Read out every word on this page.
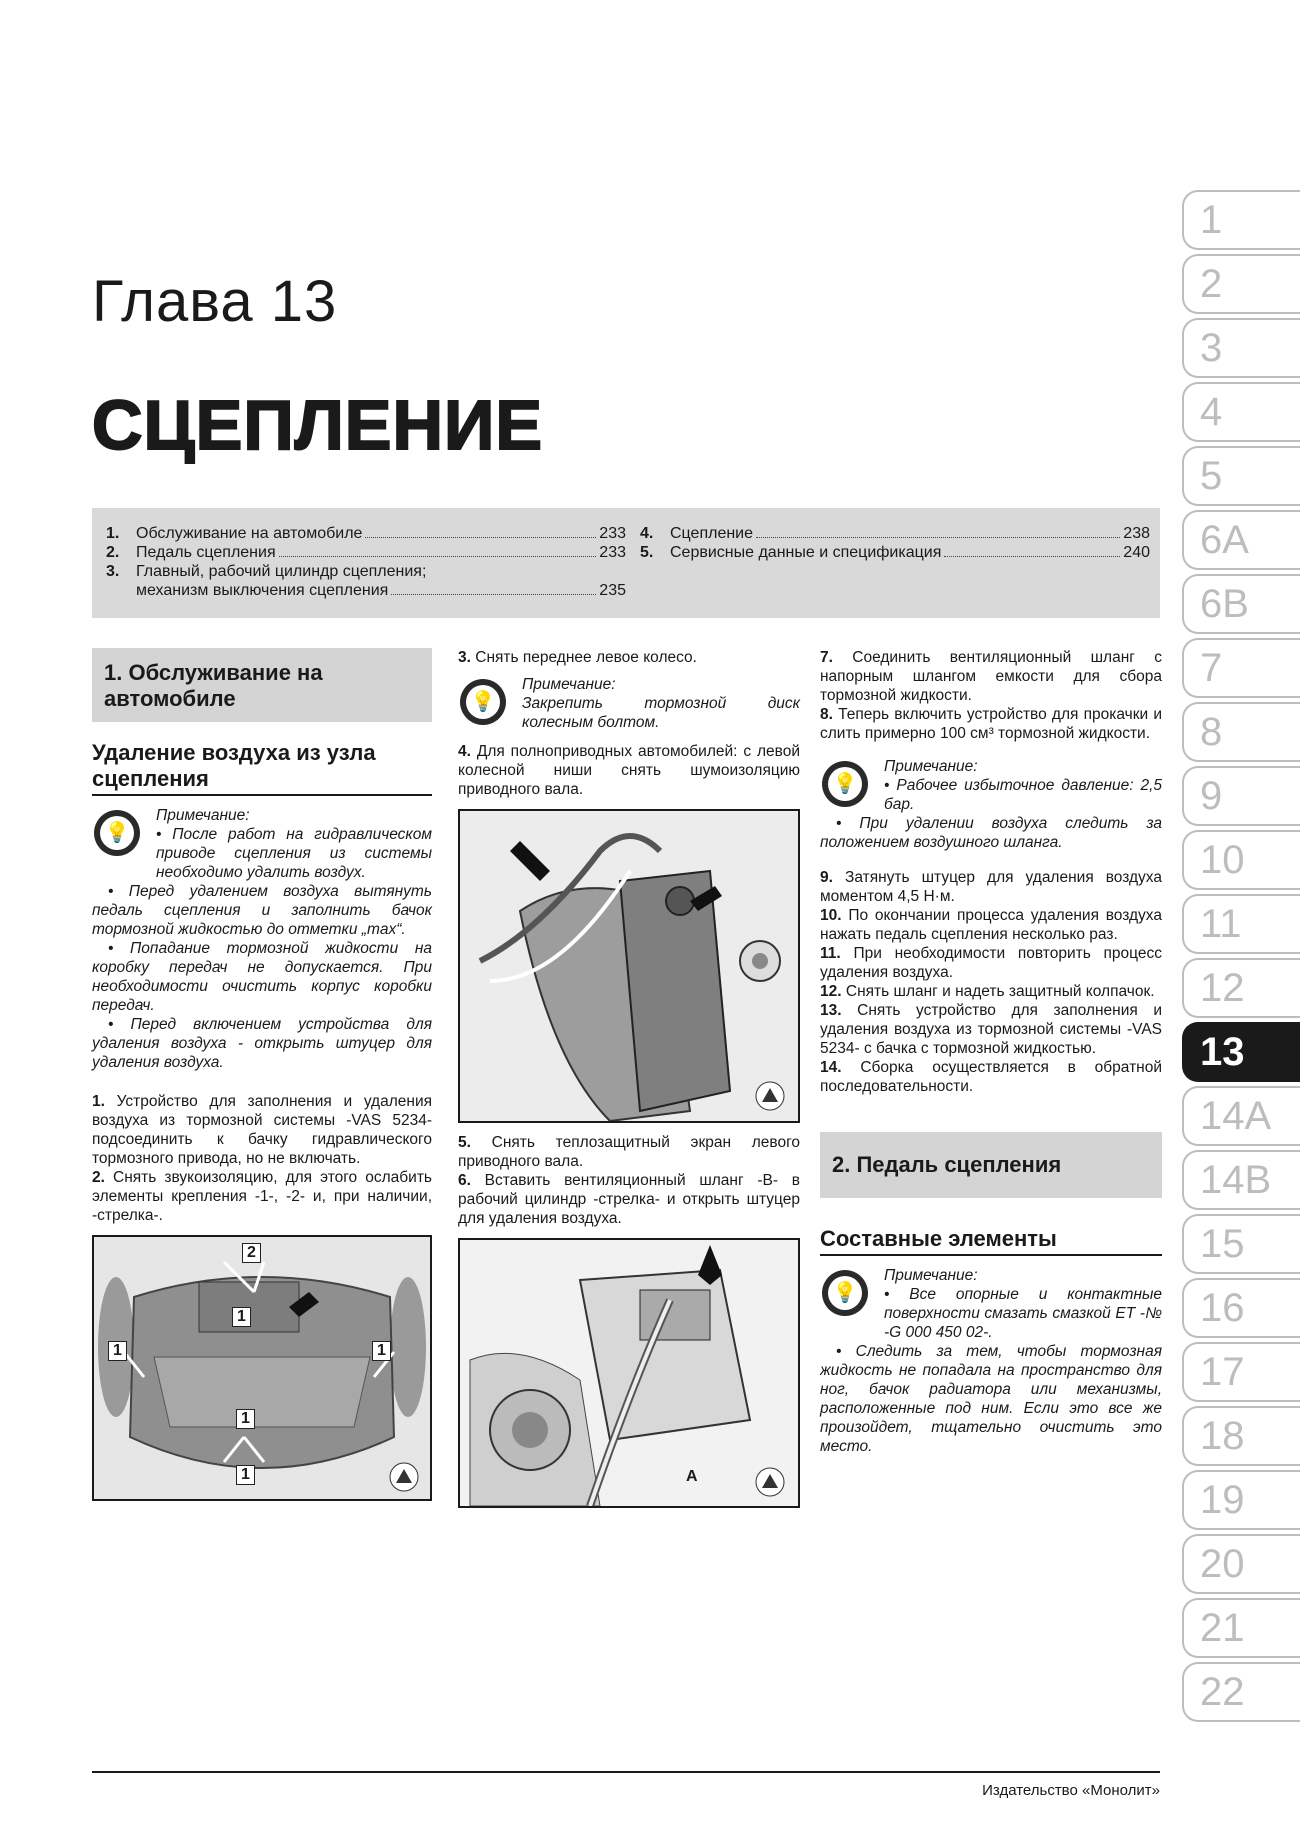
Глава 13
СЦЕПЛЕНИЕ
1.	Обслуживание на автомобиле	233
2.	Педаль сцепления	233
3.	Главный, рабочий цилиндр сцепления;
механизм выключения сцепления	235
4.	Сцепление	238
5.	Сервисные данные и спецификация	240
1. Обслуживание на автомобиле
Удаление воздуха из узла сцепления
💡
Примечание:

• После работ на гидравлическом приводе сцепления из системы необходимо удалить воздух.

• Перед удалением воздуха вытянуть педаль сцепления и заполнить бачок тормозной жидкостью до отметки „max“.

• Попадание тормозной жидкости на коробку передач не допускается. При необходимости очистить корпус коробки передач.

• Перед включением устройства для удаления воздуха - открыть штуцер для удаления воздуха.

1. Устройство для заполнения и удаления воздуха из тормозной системы -VAS 5234- подсоединить к бачку гидравлического тормозного привода, но не включать.

2. Снять звукоизоляцию, для этого ослабить элементы крепления -1-, -2- и, при наличии, -стрелка-.

2
1
1	1
1
1

3. Снять переднее левое колесо.

💡
Примечание:

Закрепить тормозной диск колесным болтом.

4. Для полноприводных автомобилей: с левой колесной ниши снять шумоизоляцию приводного вала.

5. Снять теплозащитный экран левого приводного вала.

6. Вставить вентиляционный шланг -B- в рабочий цилиндр -стрелка- и открыть штуцер для удаления воздуха.

A

7. Соединить вентиляционный шланг с напорным шлангом емкости для сбора тормозной жидкости.

8. Теперь включить устройство для прокачки и слить примерно 100 см³ тормозной жидкости.

💡
Примечание:

• Рабочее избыточное давление: 2,5 бар.

• При удалении воздуха следить за положением воздушного шланга.

9. Затянуть штуцер для удаления воздуха моментом 4,5 Н·м.

10. По окончании процесса удаления воздуха нажать педаль сцепления несколько раз.

11. При необходимости повторить процесс удаления воздуха.

12. Снять шланг и надеть защитный колпачок.

13. Снять устройство для заполнения и удаления воздуха из тормозной системы -VAS 5234- с бачка с тормозной жидкостью.

14. Сборка осуществляется в обратной последовательности.

2. Педаль сцепления
Составные элементы
💡
Примечание:

• Все опорные и контактные поверхности смазать смазкой ET -№ -G 000 450 02-.

• Следить за тем, чтобы тормозная жидкость не попадала на пространство для ног, бачок радиатора или механизмы, расположенные под ним. Если это все же произойдет, тщательно очистить это место.

1
2
3
4
5
6A
6B
7
8
9
10
11
12
13
14A
14B
15
16
17
18
19
20
21
22
Издательство «Монолит»
